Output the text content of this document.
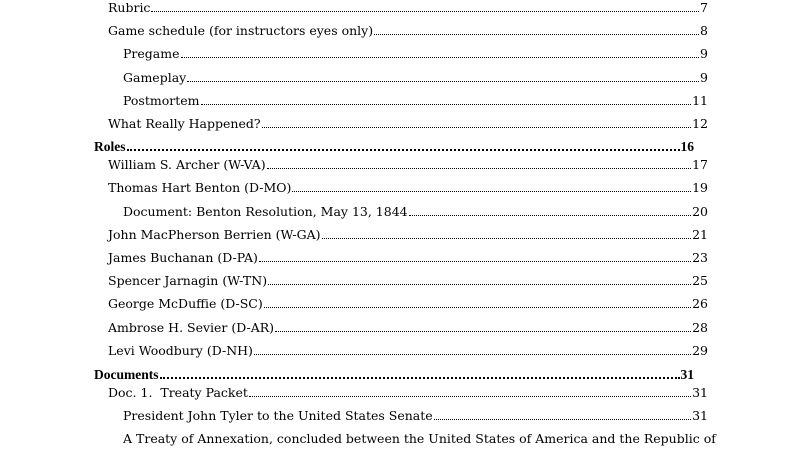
Rubric	7
Game schedule (for instructors eyes only)	8
Pregame	9
Gameplay	9
Postmortem	11
What Really Happened?	12
Roles	16
William S. Archer (W-VA)	17
Thomas Hart Benton (D-MO)	19
Document: Benton Resolution, May 13, 1844	20
John MacPherson Berrien (W-GA)	21
James Buchanan (D-PA)	23
Spencer Jarnagin (W-TN)	25
George McDuffie (D-SC)	26
Ambrose H. Sevier (D-AR)	28
Levi Woodbury (D-NH)	29
Documents	31
Doc. 1.  Treaty Packet	31
President John Tyler to the United States Senate	31
A Treaty of Annexation, concluded between the United States of America and the Republic of
